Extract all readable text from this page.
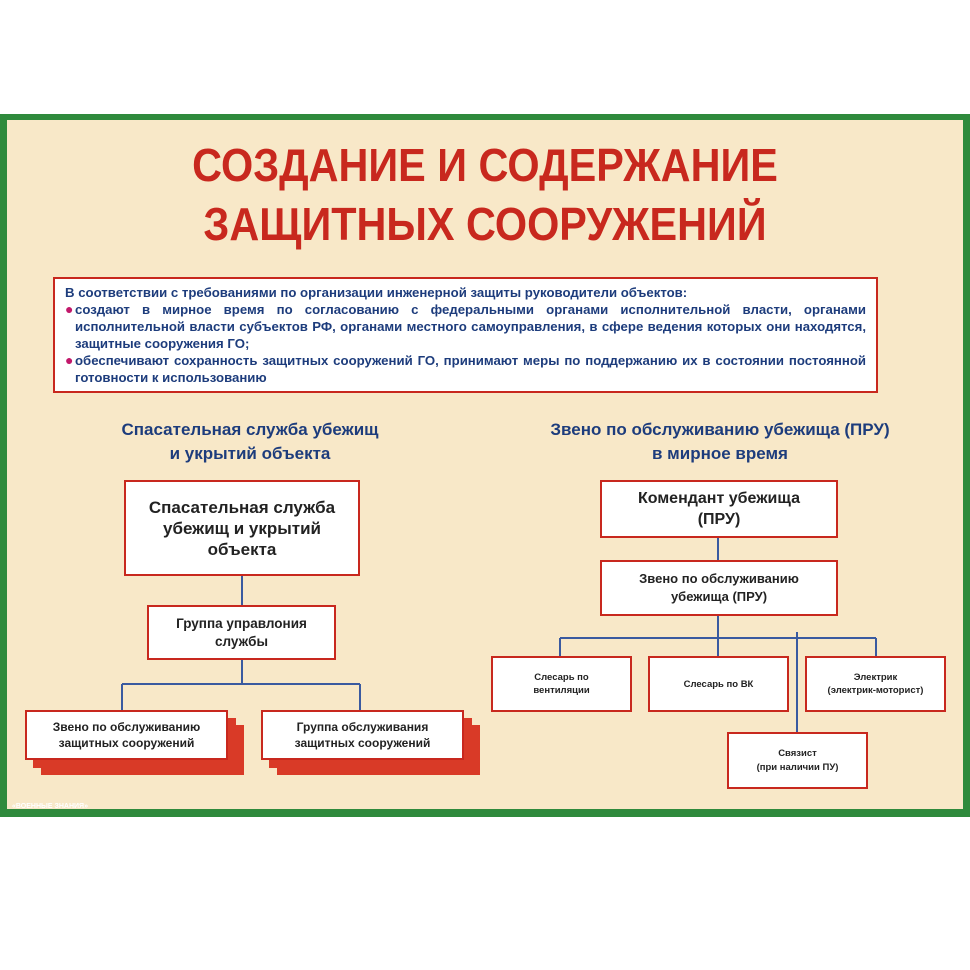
СОЗДАНИЕ И СОДЕРЖАНИЕ
ЗАЩИТНЫХ СООРУЖЕНИЙ

В соответствии с требованиями по организации инженерной защиты руководители объектов:

● создают в мирное время по согласованию с федеральными органами исполнительной власти, органами исполнительной власти субъектов РФ, органами местного самоуправления, в сфере ведения которых они находятся, защитные сооружения ГО;
● обеспечивают сохранность защитных сооружений ГО, принимают меры по поддержанию их в состоянии постоянной готовности к использованию
Спасательная служба убежищ
и укрытий объекта
Звено по обслуживанию убежища (ПРУ)
в мирное время
Спасательная служба убежищ и укрытий объекта
Группа управлония службы
Звено по обслуживанию защитных сооружений
Группа обслуживания защитных сооружений
Комендант убежища (ПРУ)
Звено по обслуживанию убежища (ПРУ)
Слесарь по вентиляции
Слесарь по ВК
Электрик
(электрик-моторист)
Связист
(при наличии ПУ)
«ВОЕННЫЕ ЗНАНИЯ»
